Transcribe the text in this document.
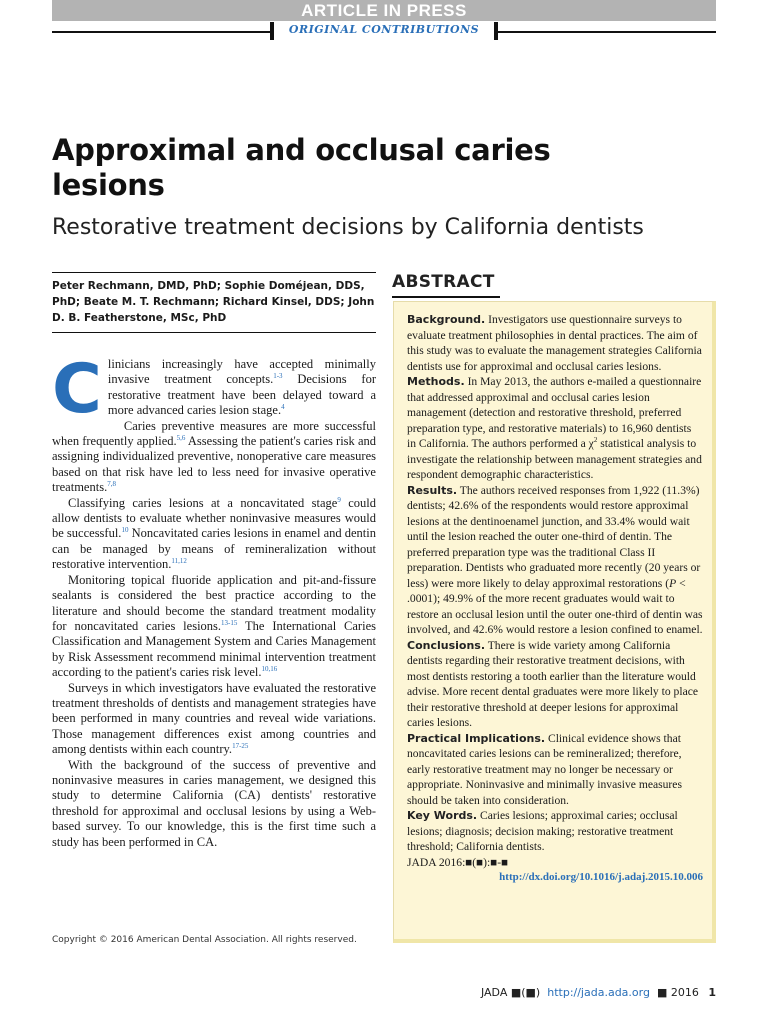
ARTICLE IN PRESS
ORIGINAL CONTRIBUTIONS
Approximal and occlusal caries lesions
Restorative treatment decisions by California dentists
Peter Rechmann, DMD, PhD; Sophie Doméjean, DDS, PhD; Beate M. T. Rechmann; Richard Kinsel, DDS; John D. B. Featherstone, MSc, PhD

Clinicians increasingly have accepted minimally invasive treatment concepts.$^{1-3}$ Decisions for restorative treatment have been delayed toward a more advanced caries lesion stage.$^4$

Caries preventive measures are more successful when frequently applied.$^{5,6}$ Assessing the patient's caries risk and assigning individualized preventive, nonoperative care measures based on that risk have led to less need for invasive operative treatments.$^{7,8}$

Classifying caries lesions at a noncavitated stage$^9$ could allow dentists to evaluate whether noninvasive measures would be successful.$^{10}$ Noncavitated caries lesions in enamel and dentin can be managed by means of remineralization without restorative intervention.$^{11,12}$

Monitoring topical fluoride application and pit-and-fissure sealants is considered the best practice according to the literature and should become the standard treatment modality for noncavitated caries lesions.$^{13-15}$ The International Caries Classification and Management System and Caries Management by Risk Assessment recommend minimal intervention treatment according to the patient's caries risk level.$^{10,16}$

Surveys in which investigators have evaluated the restorative treatment thresholds of dentists and management strategies have been performed in many countries and reveal wide variations. Those management differences exist among countries and among dentists within each country.$^{17-25}$

With the background of the success of preventive and noninvasive measures in caries management, we designed this study to determine California (CA) dentists' restorative threshold for approximal and occlusal lesions by using a Web-based survey. To our knowledge, this is the first time such a study has been performed in CA.

Copyright © 2016 American Dental Association. All rights reserved.
ABSTRACT

Background. Investigators use questionnaire surveys to evaluate treatment philosophies in dental practices. The aim of this study was to evaluate the management strategies California dentists use for approximal and occlusal caries lesions.

Methods. In May 2013, the authors e-mailed a questionnaire that addressed approximal and occlusal caries lesion management (detection and restorative threshold, preferred preparation type, and restorative materials) to 16,960 dentists in California. The authors performed a $\chi^2$ statistical analysis to investigate the relationship between management strategies and respondent demographic characteristics.

Results. The authors received responses from 1,922 (11.3%) dentists; 42.6% of the respondents would restore approximal lesions at the dentinoenamel junction, and 33.4% would wait until the lesion reached the outer one-third of dentin. The preferred preparation type was the traditional Class II preparation. Dentists who graduated more recently (20 years or less) were more likely to delay approximal restorations (P < .0001); 49.9% of the more recent graduates would wait to restore an occlusal lesion until the outer one-third of dentin was involved, and 42.6% would restore a lesion confined to enamel.

Conclusions. There is wide variety among California dentists regarding their restorative treatment decisions, with most dentists restoring a tooth earlier than the literature would advise. More recent dental graduates were more likely to place their restorative threshold at deeper lesions for approximal caries lesions.

Practical Implications. Clinical evidence shows that noncavitated caries lesions can be remineralized; therefore, early restorative treatment may no longer be necessary or appropriate. Noninvasive and minimally invasive measures should be taken into consideration.

Key Words. Caries lesions; approximal caries; occlusal lesions; diagnosis; decision making; restorative treatment threshold; California dentists.

JADA 2016:■(■):■-■

http://dx.doi.org/10.1016/j.adaj.2015.10.006
JADA ■(■) http://jada.ada.org ■ 2016 1
